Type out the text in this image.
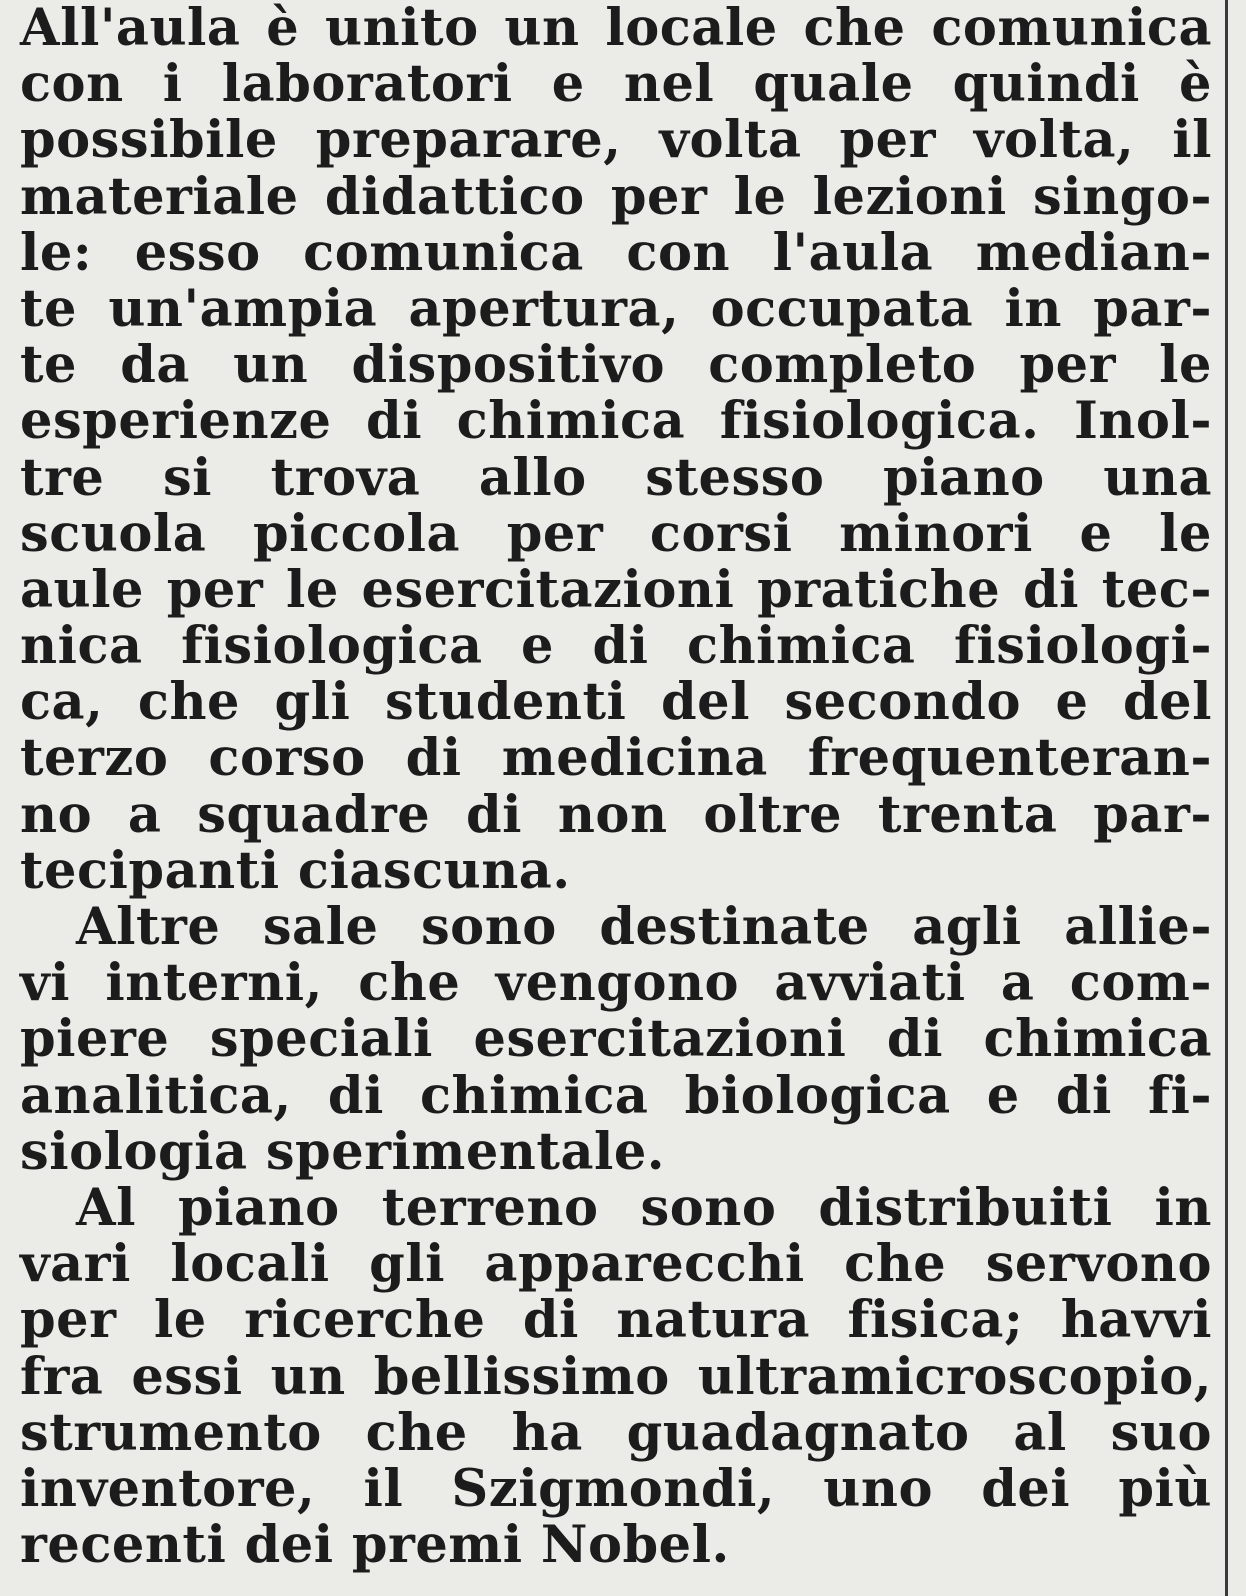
All'aula è unito un locale che comunica
con i laboratori e nel quale quindi è
possibile preparare, volta per volta, il
materiale didattico per le lezioni singo-
le: esso comunica con l'aula median-
te un'ampia apertura, occupata in par-
te da un dispositivo completo per le
esperienze di chimica fisiologica. Inol-
tre si trova allo stesso piano una
scuola piccola per corsi minori e le
aule per le esercitazioni pratiche di tec-
nica fisiologica e di chimica fisiologi-
ca, che gli studenti del secondo e del
terzo corso di medicina frequenteran-
no a squadre di non oltre trenta par-
tecipanti ciascuna.
Altre sale sono destinate agli allie-
vi interni, che vengono avviati a com-
piere speciali esercitazioni di chimica
analitica, di chimica biologica e di fi-
siologia sperimentale.
Al piano terreno sono distribuiti in
vari locali gli apparecchi che servono
per le ricerche di natura fisica; havvi
fra essi un bellissimo ultramicroscopio,
strumento che ha guadagnato al suo
inventore, il Szigmondi, uno dei più
recenti dei premi Nobel.
